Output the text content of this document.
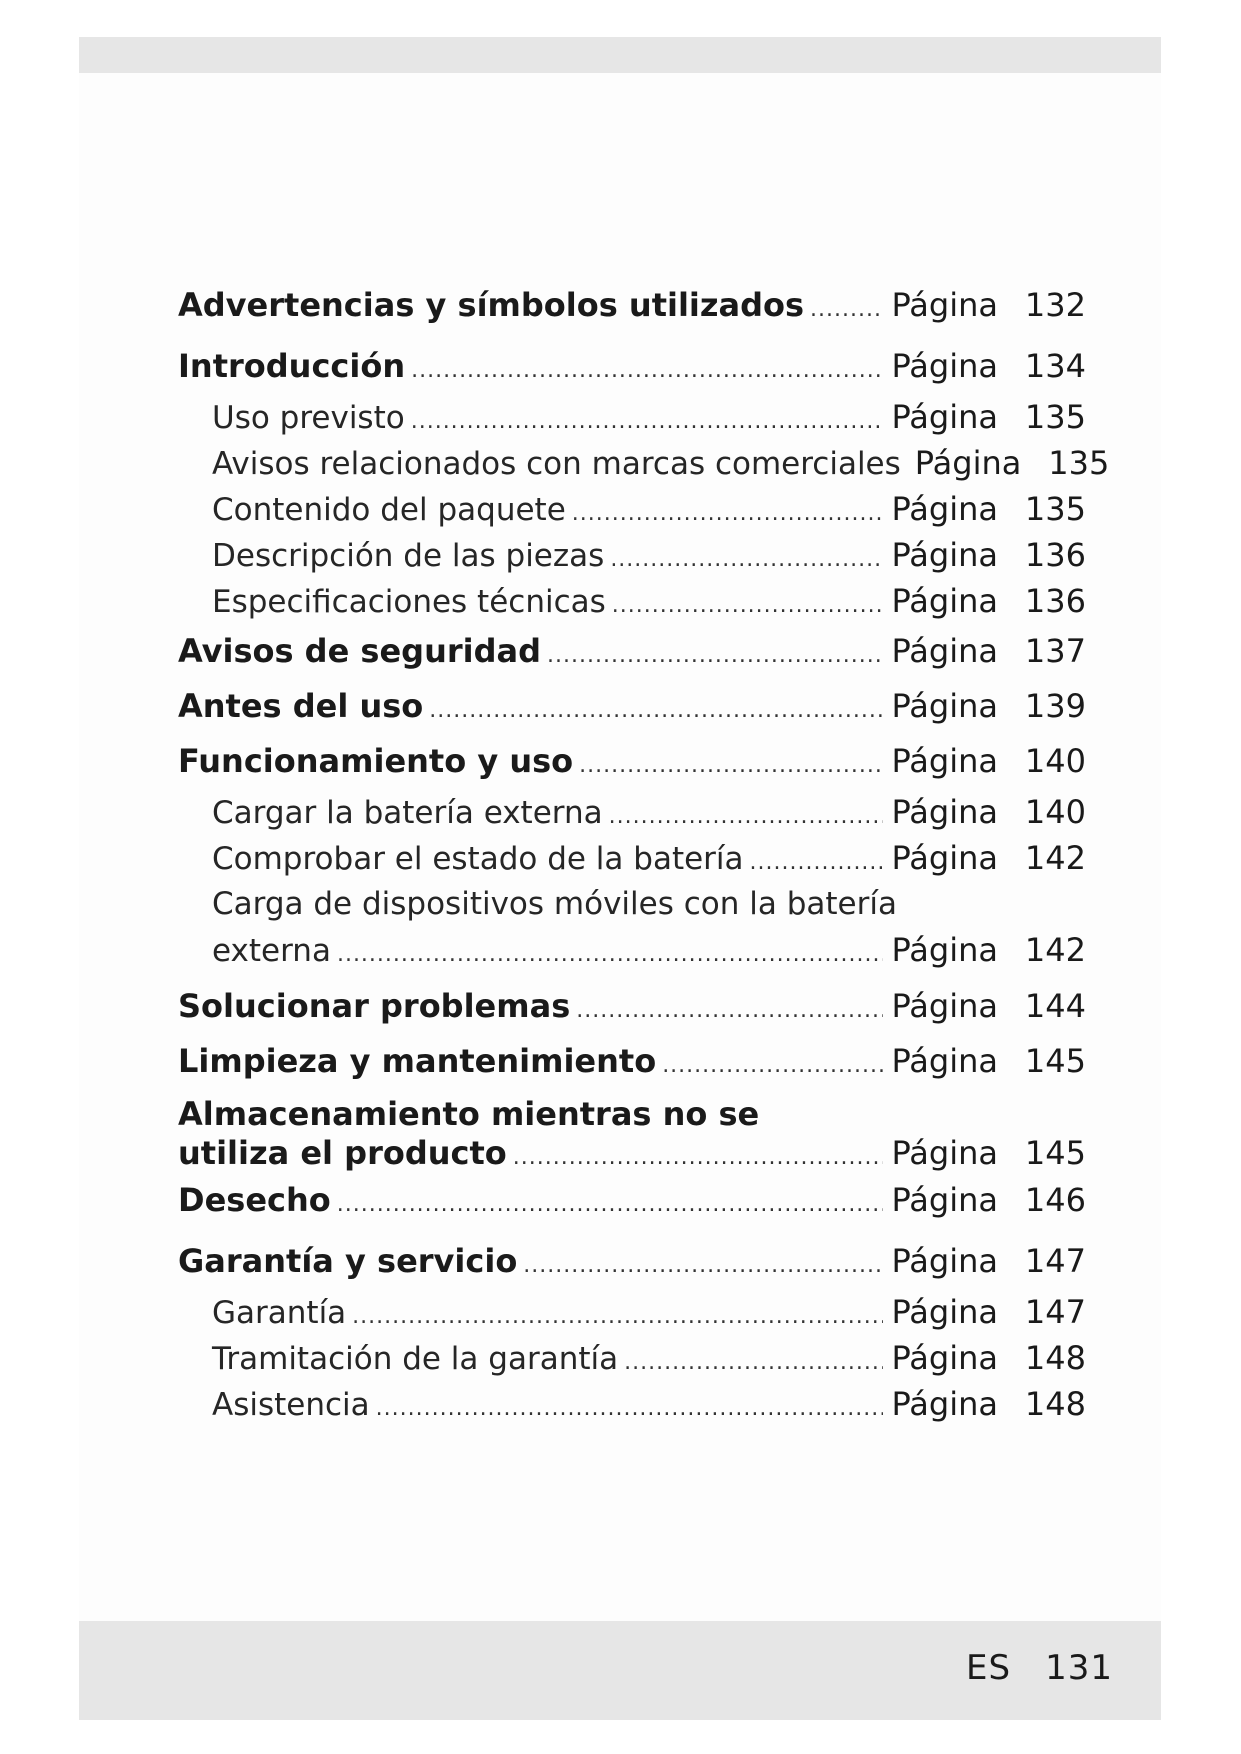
Advertencias y símbolos utilizados .....	Página 132
Introducción .....	Página 134
Uso previsto .....	Página 135
Avisos relacionados con marcas comerciales Página 135
Contenido del paquete .....	Página 135
Descripción de las piezas .....	Página 136
Especificaciones técnicas .....	Página 136
Avisos de seguridad .....	Página 137
Antes del uso .....	Página 139
Funcionamiento y uso .....	Página 140
Cargar la batería externa .....	Página 140
Comprobar el estado de la batería .....	Página 142
Carga de dispositivos móviles con la batería
externa .....	Página 142
Solucionar problemas .....	Página 144
Limpieza y mantenimiento .....	Página 145
Almacenamiento mientras no se
utiliza el producto .....	Página 145
Desecho .....	Página 146
Garantía y servicio .....	Página 147
Garantía .....	Página 147
Tramitación de la garantía .....	Página 148
Asistencia .....	Página 148
ES 131
